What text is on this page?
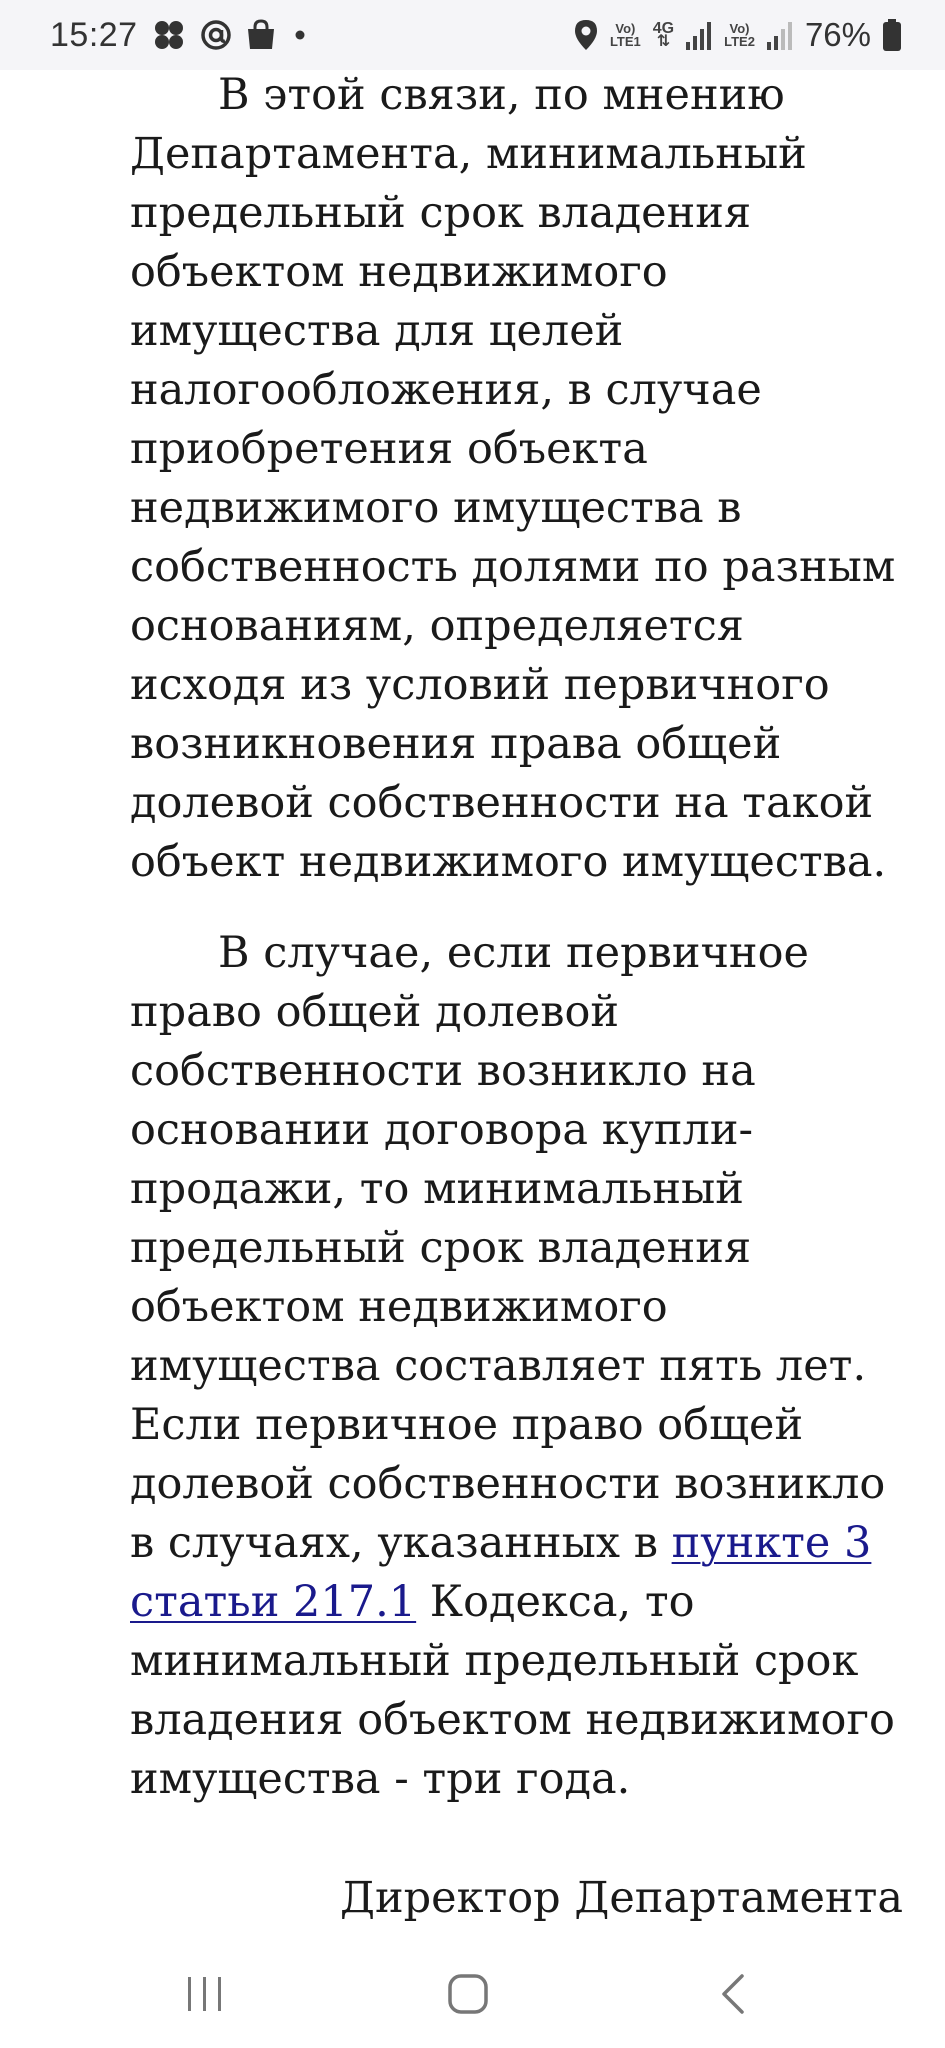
15:27	Vo)
LTE1
4G
⇅
Vo)
LTE2 76%

В этой связи, по мнению Департамента, минимальный предельный срок владения объектом недвижимого имущества для целей налогообложения, в случае приобретения объекта недвижимого имущества в собственность долями по разным основаниям, определяется исходя из условий первичного возникновения права общей долевой собственности на такой объект недвижимого имущества.

В случае, если первичное право общей долевой собственности возникло на основании договора купли-продажи, то минимальный предельный срок владения объектом недвижимого имущества составляет пять лет. Если первичное право общей долевой собственности возникло в случаях, указанных в пункте 3 статьи 217.1 Кодекса, то минимальный предельный срок владения объектом недвижимого имущества - три года.

Директор Департамента
